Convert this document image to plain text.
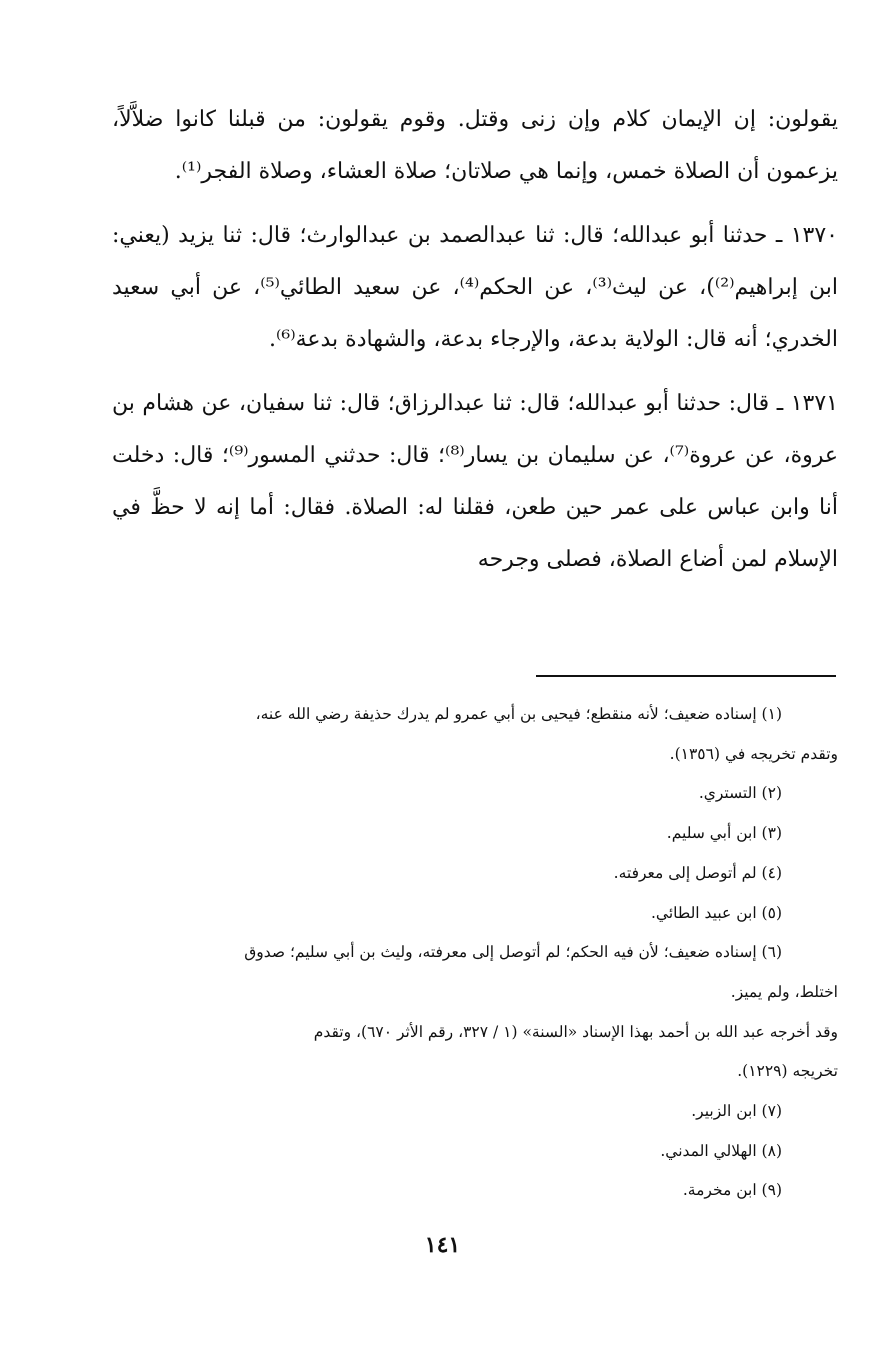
يقولون: إن الإيمان كلام وإن زنى وقتل. وقوم يقولون: من قبلنا كانوا ضلاَّلاً، يزعمون أن الصلاة خمس، وإنما هي صلاتان؛ صلاة العشاء، وصلاة الفجر⁽¹⁾.

١٣٧٠ ـ حدثنا أبو عبدالله؛ قال: ثنا عبدالصمد بن عبدالوارث؛ قال: ثنا يزيد (يعني: ابن إبراهيم⁽²⁾)، عن ليث⁽³⁾، عن الحكم⁽⁴⁾، عن سعيد الطائي⁽⁵⁾، عن أبي سعيد الخدري؛ أنه قال: الولاية بدعة، والإرجاء بدعة، والشهادة بدعة⁽⁶⁾.

١٣٧١ ـ قال: حدثنا أبو عبدالله؛ قال: ثنا عبدالرزاق؛ قال: ثنا سفيان، عن هشام بن عروة، عن عروة⁽⁷⁾، عن سليمان بن يسار⁽⁸⁾؛ قال: حدثني المسور⁽⁹⁾؛ قال: دخلت أنا وابن عباس على عمر حين طعن، فقلنا له: الصلاة. فقال: أما إنه لا حظَّ في الإسلام لمن أضاع الصلاة، فصلى وجرحه

(١) إسناده ضعيف؛ لأنه منقطع؛ فيحيى بن أبي عمرو لم يدرك حذيفة رضي الله عنه،

وتقدم تخريجه في (١٣٥٦).

(٢) التستري.

(٣) ابن أبي سليم.

(٤) لم أتوصل إلى معرفته.

(٥) ابن عبيد الطائي.

(٦) إسناده ضعيف؛ لأن فيه الحكم؛ لم أتوصل إلى معرفته، وليث بن أبي سليم؛ صدوق

اختلط، ولم يميز.

وقد أخرجه عبد الله بن أحمد بهذا الإسناد «السنة» (١ / ٣٢٧، رقم الأثر ٦٧٠)، وتقدم

تخريجه (١٢٢٩).

(٧) ابن الزبير.

(٨) الهلالي المدني.

(٩) ابن مخرمة.

١٤١
